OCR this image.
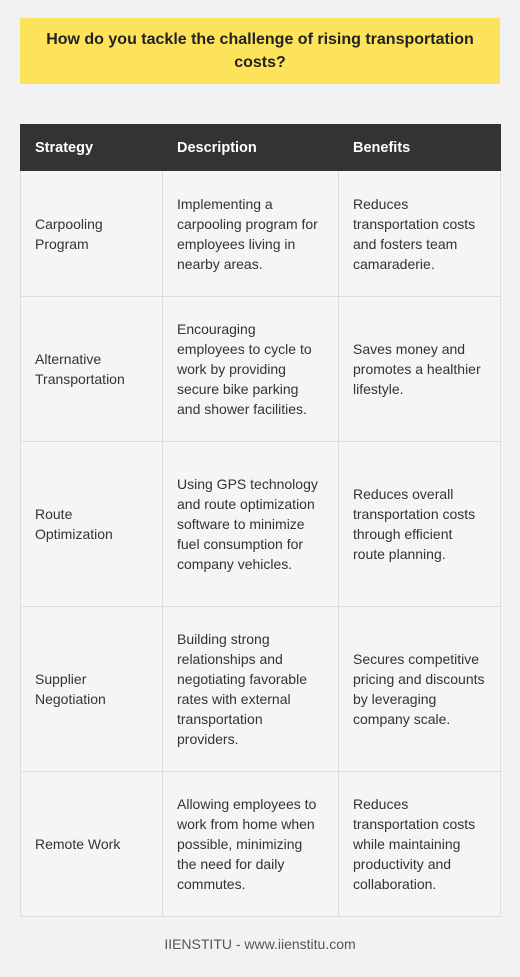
How do you tackle the challenge of rising transportation costs?
Strategy	Description	Benefits
Carpooling Program	Implementing a carpooling program for employees living in nearby areas.	Reduces transportation costs and fosters team camaraderie.
Alternative Transportation	Encouraging employees to cycle to work by providing secure bike parking and shower facilities.	Saves money and promotes a healthier lifestyle.
Route Optimization	Using GPS technology and route optimization software to minimize fuel consumption for company vehicles.	Reduces overall transportation costs through efficient route planning.
Supplier Negotiation	Building strong relationships and negotiating favorable rates with external transportation providers.	Secures competitive pricing and discounts by leveraging company scale.
Remote Work	Allowing employees to work from home when possible, minimizing the need for daily commutes.	Reduces transportation costs while maintaining productivity and collaboration.
IIENSTITU - www.iienstitu.com
